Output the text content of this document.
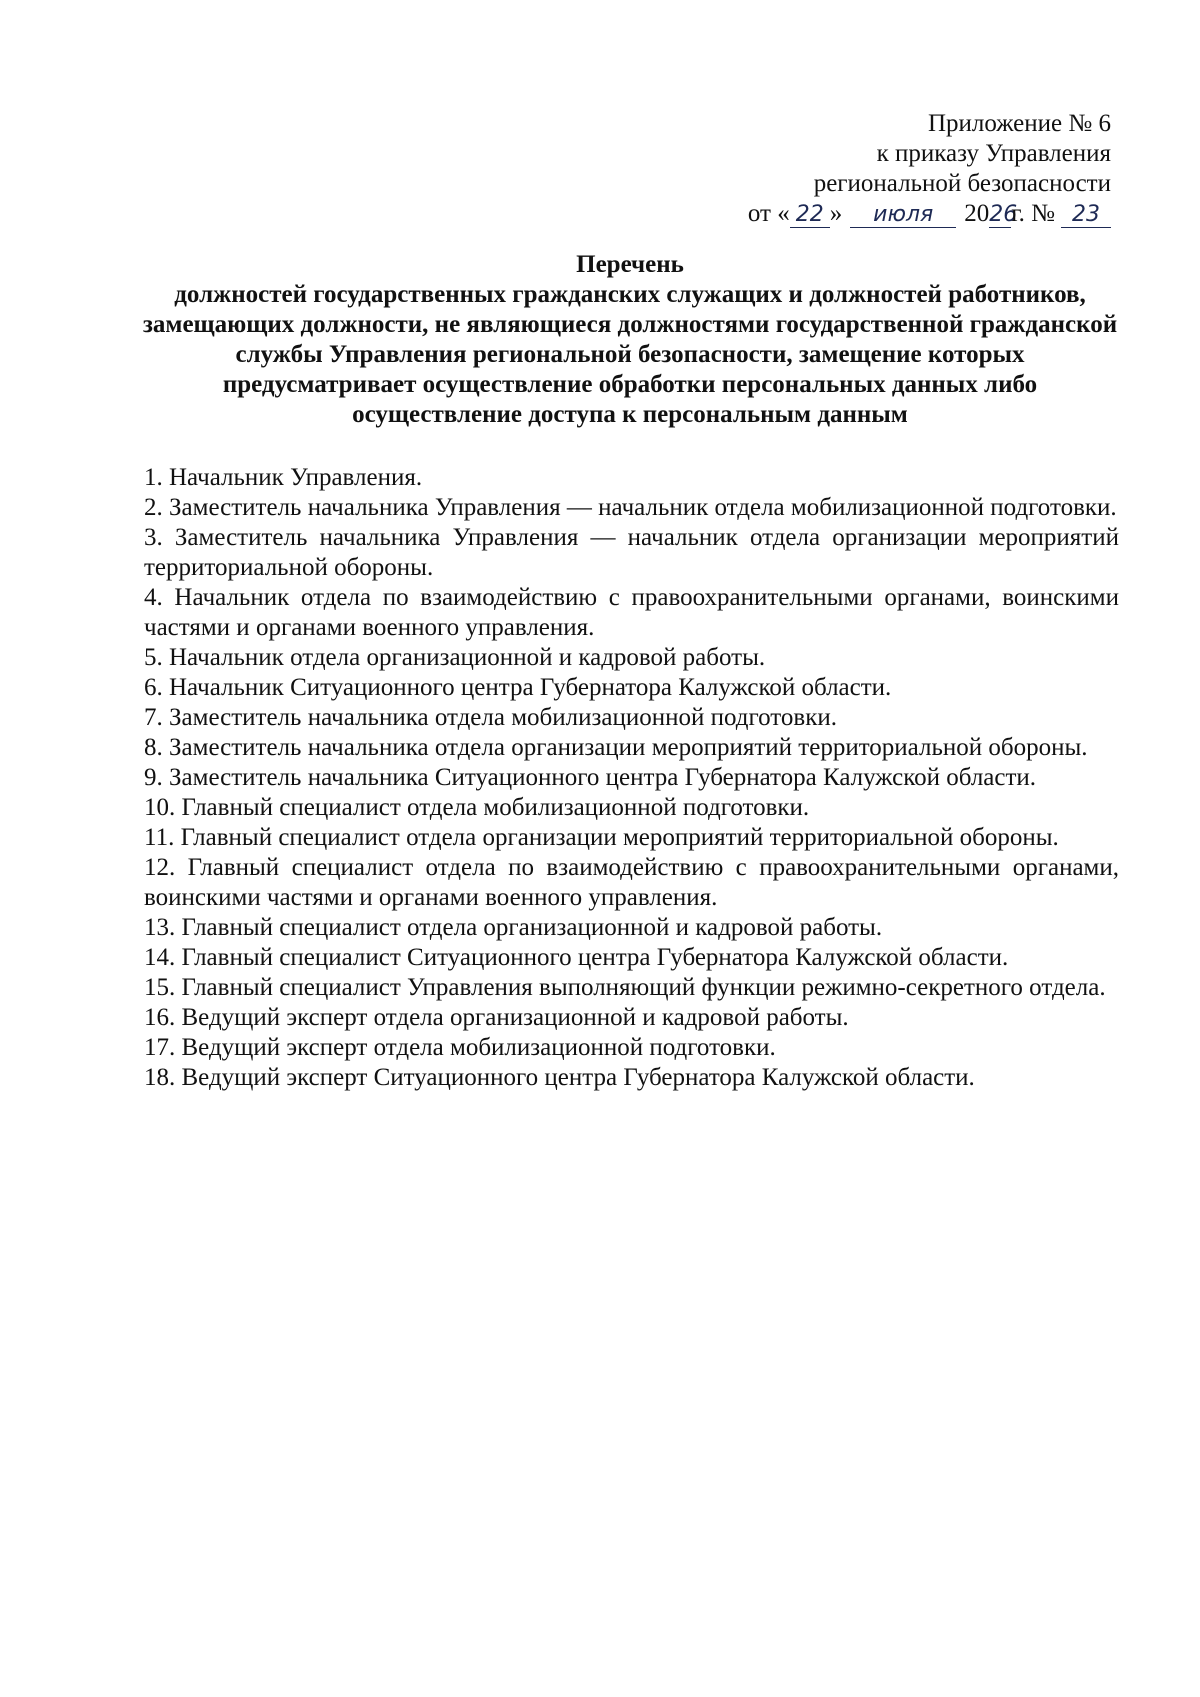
Приложение № 6
к приказу Управления
региональной безопасности
от « 22 »	июля	20 26
г. № 23
Перечень
должностей государственных гражданских служащих и должностей работников, замещающих должности, не являющиеся должностями государственной гражданской службы Управления региональной безопасности, замещение которых предусматривает осуществление обработки персональных данных либо осуществление доступа к персональным данным
1. Начальник Управления.
2. Заместитель начальника Управления — начальник отдела мобилизационной подготовки.
3. Заместитель начальника Управления — начальник отдела организации мероприятий территориальной обороны.
4. Начальник отдела по взаимодействию с правоохранительными органами, воинскими частями и органами военного управления.
5. Начальник отдела организационной и кадровой работы.
6. Начальник Ситуационного центра Губернатора Калужской области.
7. Заместитель начальника отдела мобилизационной подготовки.
8. Заместитель начальника отдела организации мероприятий территориальной обороны.
9. Заместитель начальника Ситуационного центра Губернатора Калужской области.
10. Главный специалист отдела мобилизационной подготовки.
11. Главный специалист отдела организации мероприятий территориальной обороны.
12. Главный специалист отдела по взаимодействию с правоохранительными органами, воинскими частями и органами военного управления.
13. Главный специалист отдела организационной и кадровой работы.
14. Главный специалист Ситуационного центра Губернатора Калужской области.
15. Главный специалист Управления выполняющий функции режимно-секретного отдела.
16. Ведущий эксперт отдела организационной и кадровой работы.
17. Ведущий эксперт отдела мобилизационной подготовки.
18. Ведущий эксперт Ситуационного центра Губернатора Калужской области.
